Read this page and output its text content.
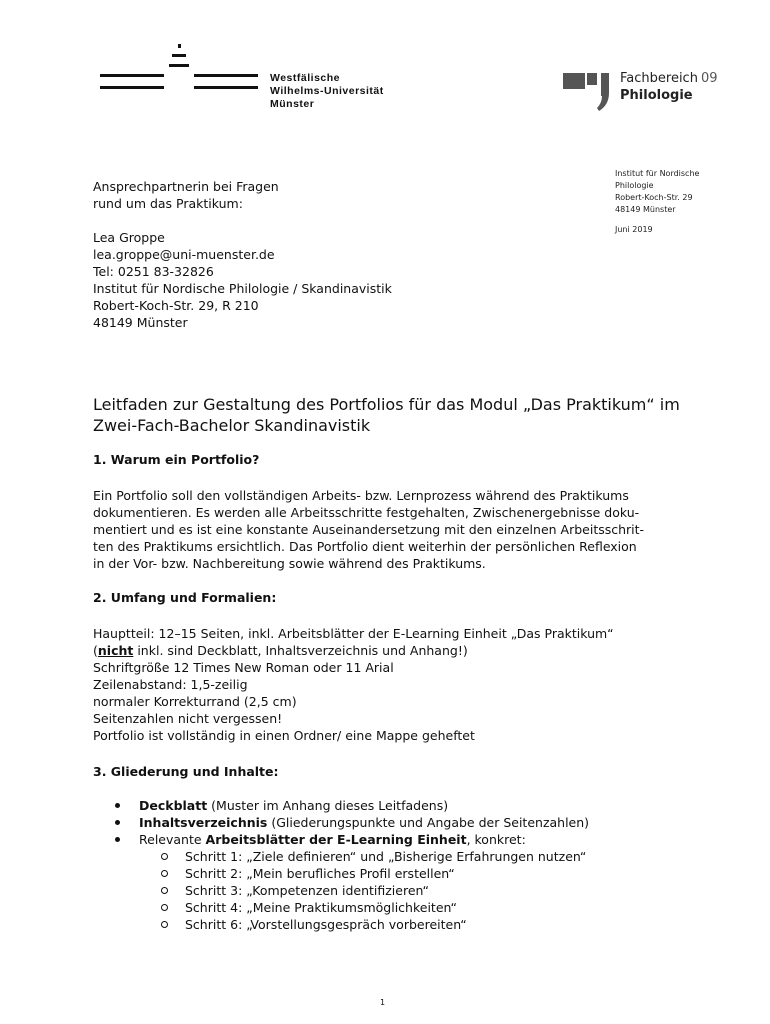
Westfälische
Wilhelms-Universität
Münster
Fachbereich 09
Philologie
Institut für Nordische
Philologie
Robert-Koch-Str. 29
48149 Münster
Juni 2019
Ansprechpartnerin bei Fragen
rund um das Praktikum:
Lea Groppe
lea.groppe@uni-muenster.de
Tel: 0251 83-32826
Institut für Nordische Philologie / Skandinavistik
Robert-Koch-Str. 29, R 210
48149 Münster
Leitfaden zur Gestaltung des Portfolios für das Modul „Das Praktikum“ im Zwei-Fach-Bachelor Skandinavistik
1. Warum ein Portfolio?
Ein Portfolio soll den vollständigen Arbeits- bzw. Lernprozess während des Praktikums
dokumentieren. Es werden alle Arbeitsschritte festgehalten, Zwischenergebnisse doku-
mentiert und es ist eine konstante Auseinandersetzung mit den einzelnen Arbeitsschrit-
ten des Praktikums ersichtlich. Das Portfolio dient weiterhin der persönlichen Reflexion
in der Vor- bzw. Nachbereitung sowie während des Praktikums.
2. Umfang und Formalien:
Hauptteil: 12–15 Seiten, inkl. Arbeitsblätter der E-Learning Einheit „Das Praktikum“
(nicht inkl. sind Deckblatt, Inhaltsverzeichnis und Anhang!)
Schriftgröße 12 Times New Roman oder 11 Arial
Zeilenabstand: 1,5-zeilig
normaler Korrekturrand (2,5 cm)
Seitenzahlen nicht vergessen!
Portfolio ist vollständig in einen Ordner/ eine Mappe geheftet
3. Gliederung und Inhalte:
Deckblatt (Muster im Anhang dieses Leitfadens)
Inhaltsverzeichnis (Gliederungspunkte und Angabe der Seitenzahlen)
Relevante Arbeitsblätter der E-Learning Einheit, konkret:
Schritt 1: „Ziele definieren“ und „Bisherige Erfahrungen nutzen“
Schritt 2: „Mein berufliches Profil erstellen“
Schritt 3: „Kompetenzen identifizieren“
Schritt 4: „Meine Praktikumsmöglichkeiten“
Schritt 6: „Vorstellungsgespräch vorbereiten“
1
